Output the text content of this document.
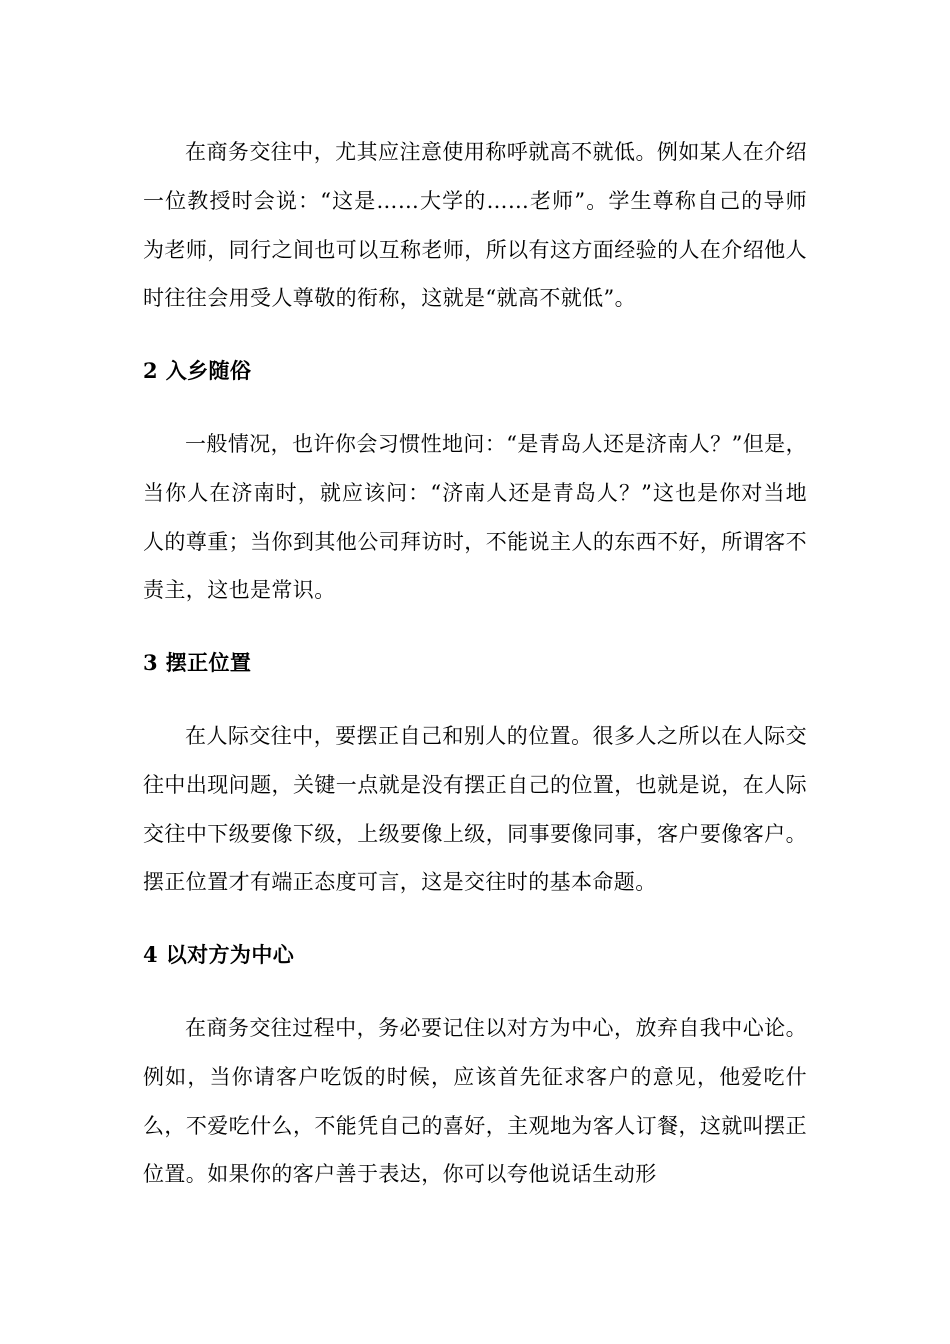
在商务交往中，尤其应注意使用称呼就高不就低。例如某人在介绍一位教授时会说：“这是……大学的……老师”。学生尊称自己的导师为老师，同行之间也可以互称老师，所以有这方面经验的人在介绍他人时往往会用受人尊敬的衔称，这就是“就高不就低”。

2 入乡随俗

一般情况，也许你会习惯性地问：“是青岛人还是济南人？”但是，当你人在济南时，就应该问：“济南人还是青岛人？”这也是你对当地人的尊重；当你到其他公司拜访时，不能说主人的东西不好，所谓客不责主，这也是常识。

3 摆正位置

在人际交往中，要摆正自己和别人的位置。很多人之所以在人际交往中出现问题，关键一点就是没有摆正自己的位置，也就是说，在人际交往中下级要像下级，上级要像上级，同事要像同事，客户要像客户。摆正位置才有端正态度可言，这是交往时的基本命题。

4 以对方为中心

在商务交往过程中，务必要记住以对方为中心，放弃自我中心论。例如，当你请客户吃饭的时候，应该首先征求客户的意见，他爱吃什么，不爱吃什么，不能凭自己的喜好，主观地为客人订餐，这就叫摆正位置。如果你的客户善于表达，你可以夸他说话生动形
